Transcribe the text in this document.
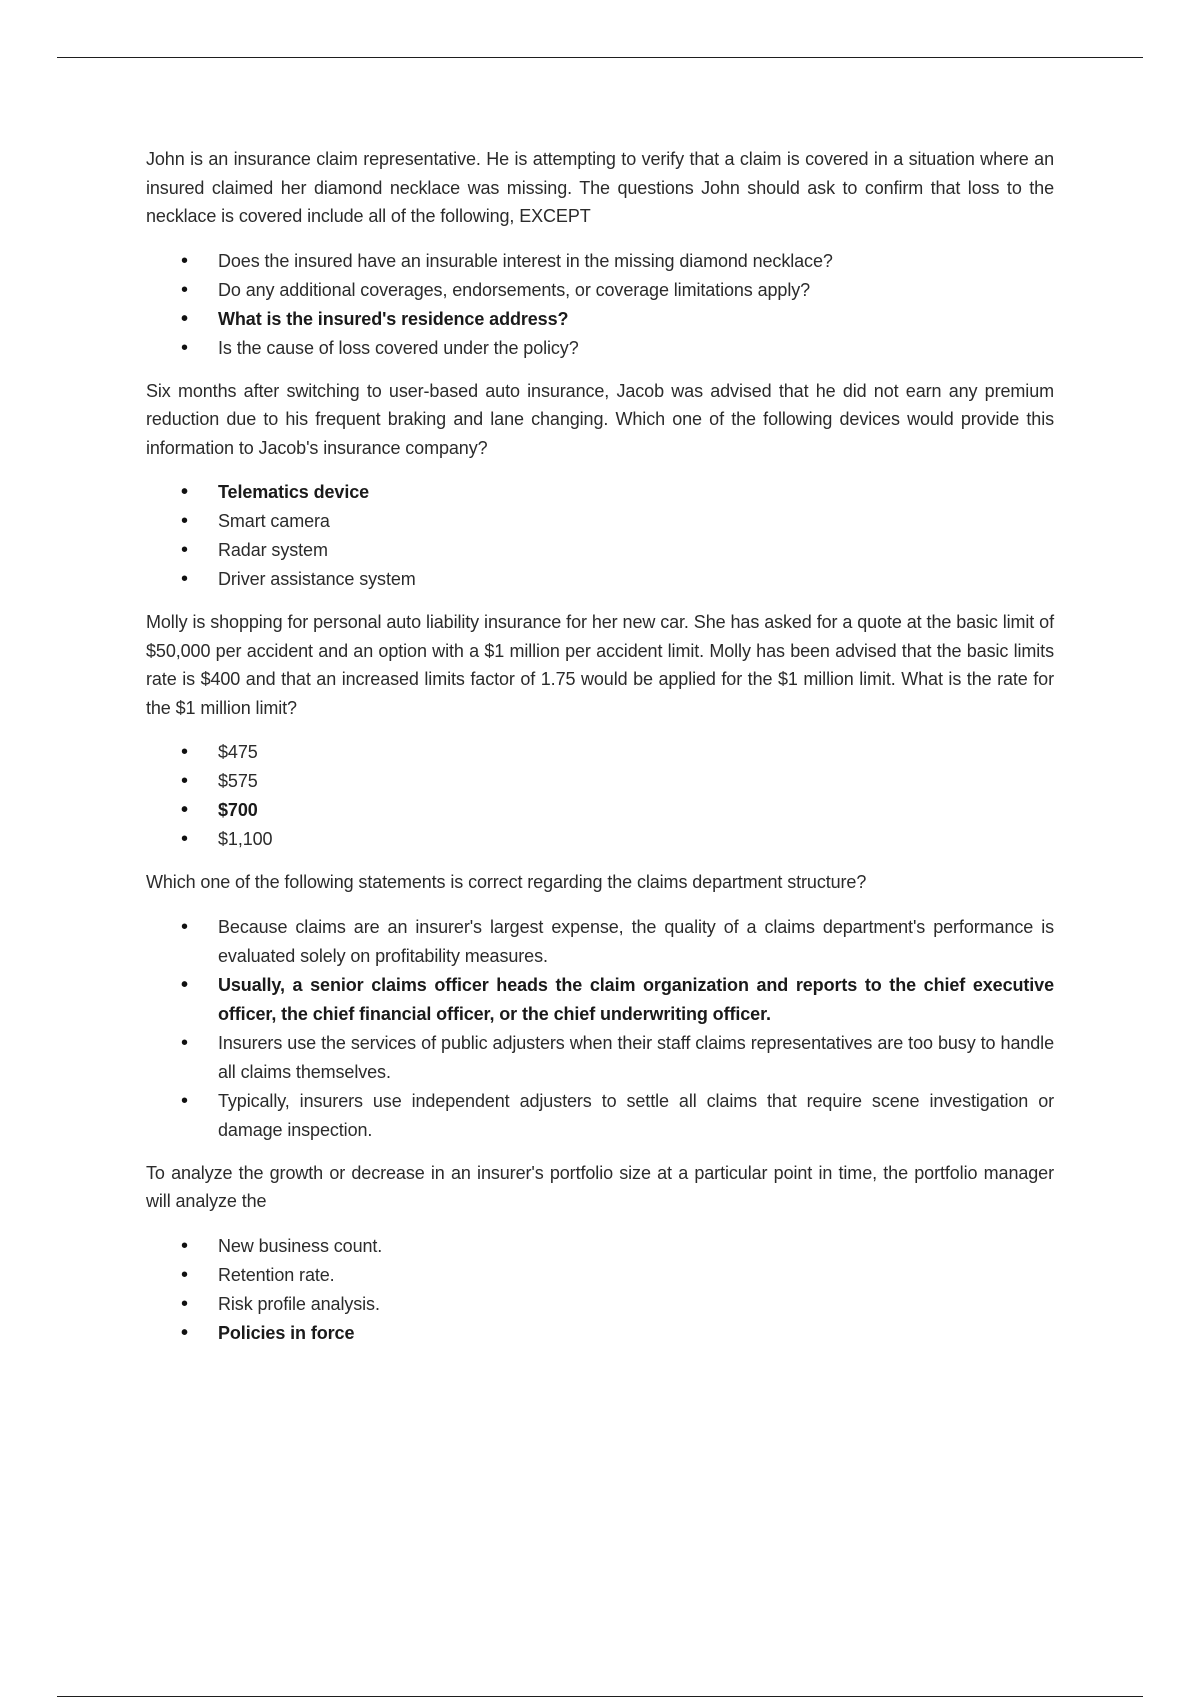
John is an insurance claim representative. He is attempting to verify that a claim is covered in a situation where an insured claimed her diamond necklace was missing. The questions John should ask to confirm that loss to the necklace is covered include all of the following, EXCEPT

• Does the insured have an insurable interest in the missing diamond necklace?
• Do any additional coverages, endorsements, or coverage limitations apply?
• What is the insured's residence address?
• Is the cause of loss covered under the policy?

Six months after switching to user-based auto insurance, Jacob was advised that he did not earn any premium reduction due to his frequent braking and lane changing. Which one of the following devices would provide this information to Jacob's insurance company?

• Telematics device
• Smart camera
• Radar system
• Driver assistance system

Molly is shopping for personal auto liability insurance for her new car. She has asked for a quote at the basic limit of $50,000 per accident and an option with a $1 million per accident limit. Molly has been advised that the basic limits rate is $400 and that an increased limits factor of 1.75 would be applied for the $1 million limit. What is the rate for the $1 million limit?

• $475
• $575
• $700
• $1,100

Which one of the following statements is correct regarding the claims department structure?

• Because claims are an insurer's largest expense, the quality of a claims department's performance is evaluated solely on profitability measures.
• Usually, a senior claims officer heads the claim organization and reports to the chief executive officer, the chief financial officer, or the chief underwriting officer.
• Insurers use the services of public adjusters when their staff claims representatives are too busy to handle all claims themselves.
• Typically, insurers use independent adjusters to settle all claims that require scene investigation or damage inspection.

To analyze the growth or decrease in an insurer's portfolio size at a particular point in time, the portfolio manager will analyze the

• New business count.
• Retention rate.
• Risk profile analysis.
• Policies in force
